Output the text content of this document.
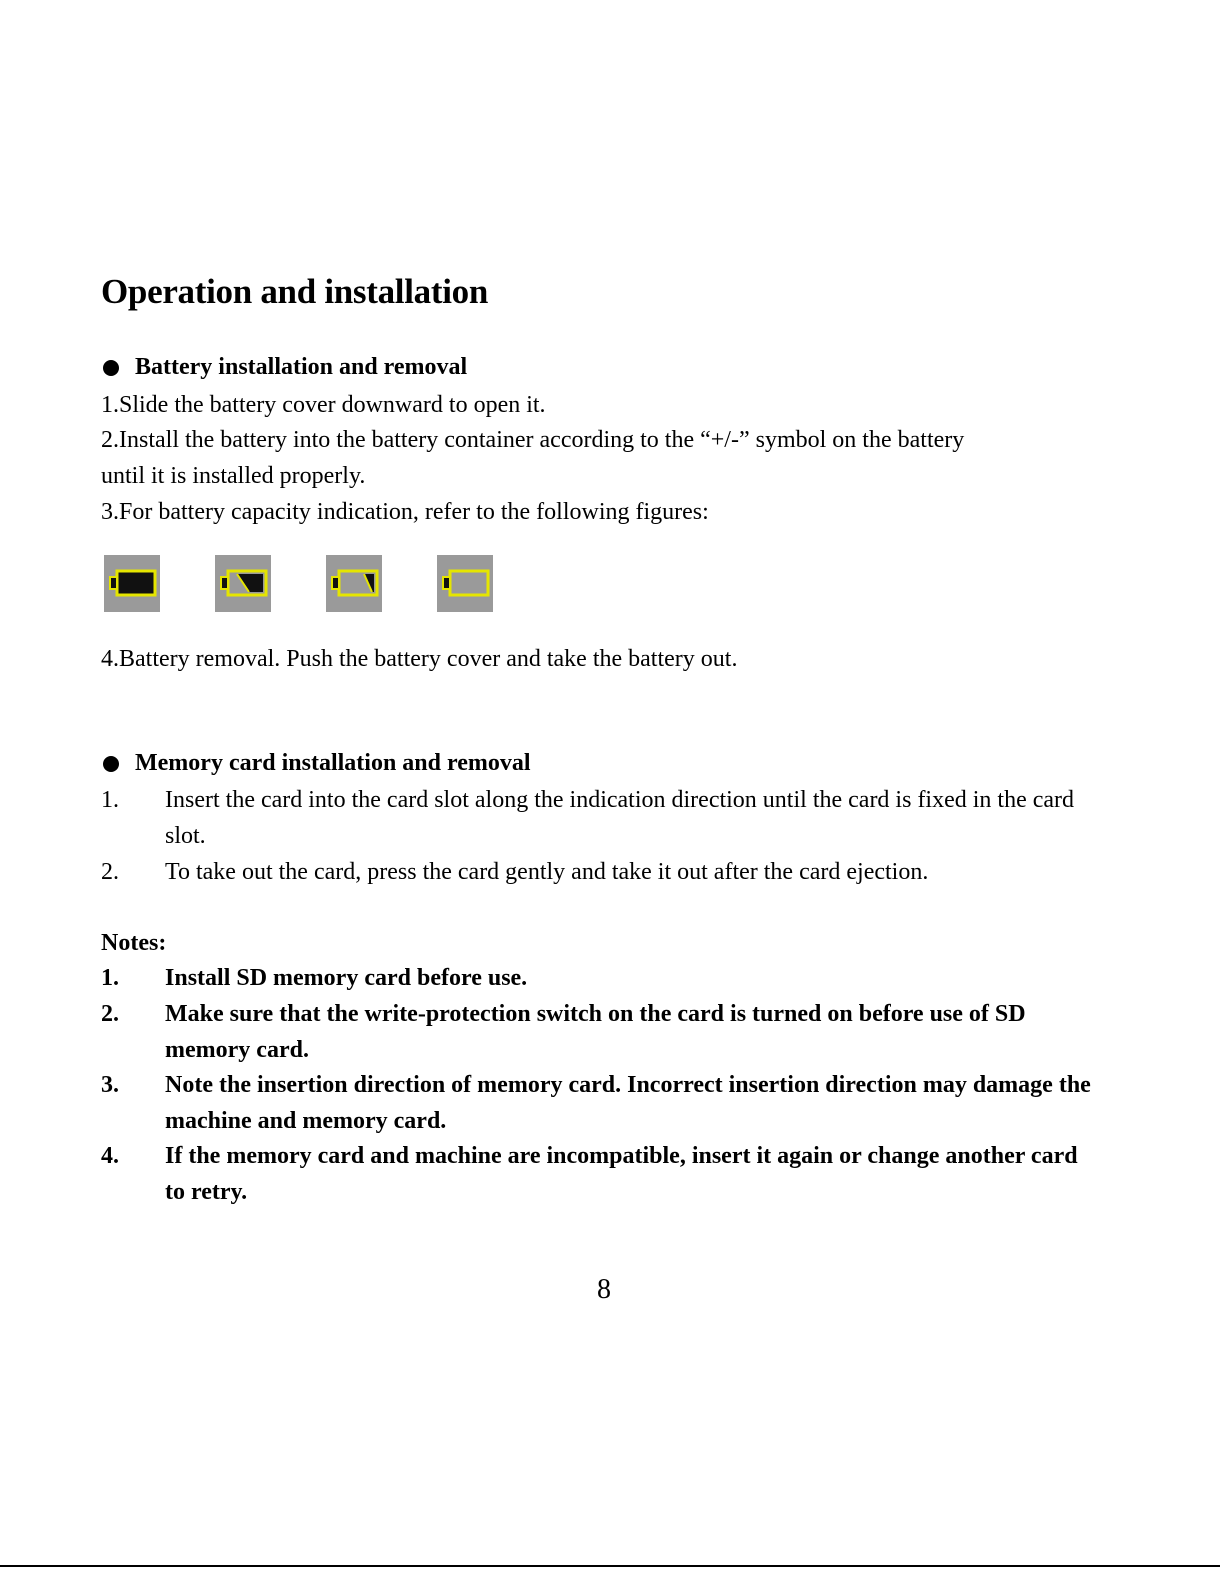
Operation and installation
Battery installation and removal

1.Slide the battery cover downward to open it.

2.Install the battery into the battery container according to the “+/-” symbol on the battery

until it is installed properly.

3.For battery capacity indication, refer to the following figures:

4.Battery removal. Push the battery cover and take the battery out.

Memory card installation and removal
1.	Insert the card into the card slot along the indication direction until the card is fixed in the card slot.
2.	To take out the card, press the card gently and take it out after the card ejection.

Notes:

1.	Install SD memory card before use.
2.	Make sure that the write-protection switch on the card is turned on before use of SD memory card.
3.	Note the insertion direction of memory card. Incorrect insertion direction may damage the machine and memory card.
4.	If the memory card and machine are incompatible, insert it again or change another card to retry.

8
